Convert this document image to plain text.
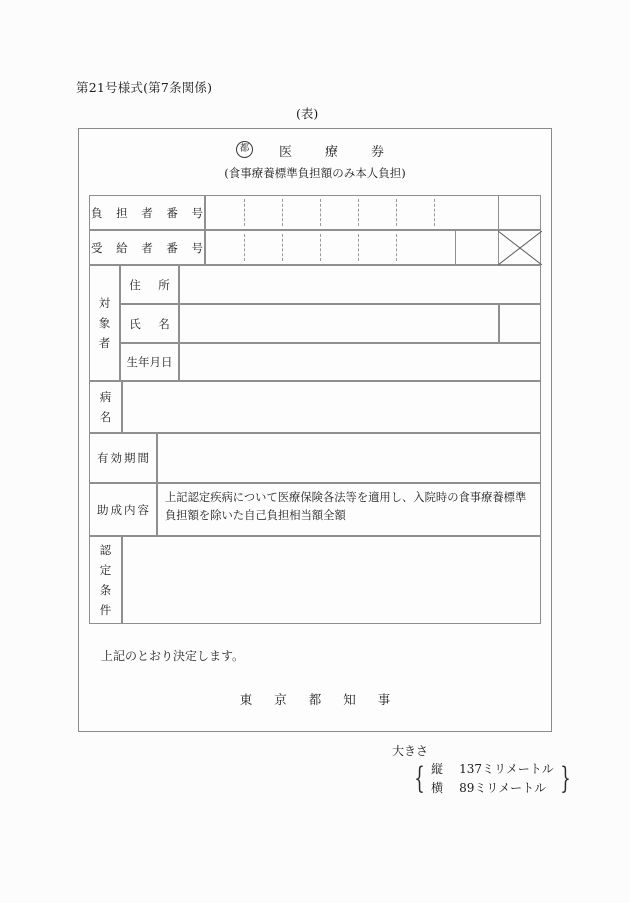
第21号様式(第7条関係)
(表)
都 医　療　券
(食事療養標準負担額のみ本人負担)
負 担 者 番 号
受 給 者 番 号
対
象
者
住　所
氏　名
生年月日
病
名
有効期間
助成内容
上記認定疾病について医療保険各法等を適用し、入院時の食事療養標準負担額を除いた自己負担相当額全額
認
定
条
件
上記のとおり決定します。
東 京 都 知 事
大きさ
{ 縦	137ミリメートル
横	89ミリメートル }
